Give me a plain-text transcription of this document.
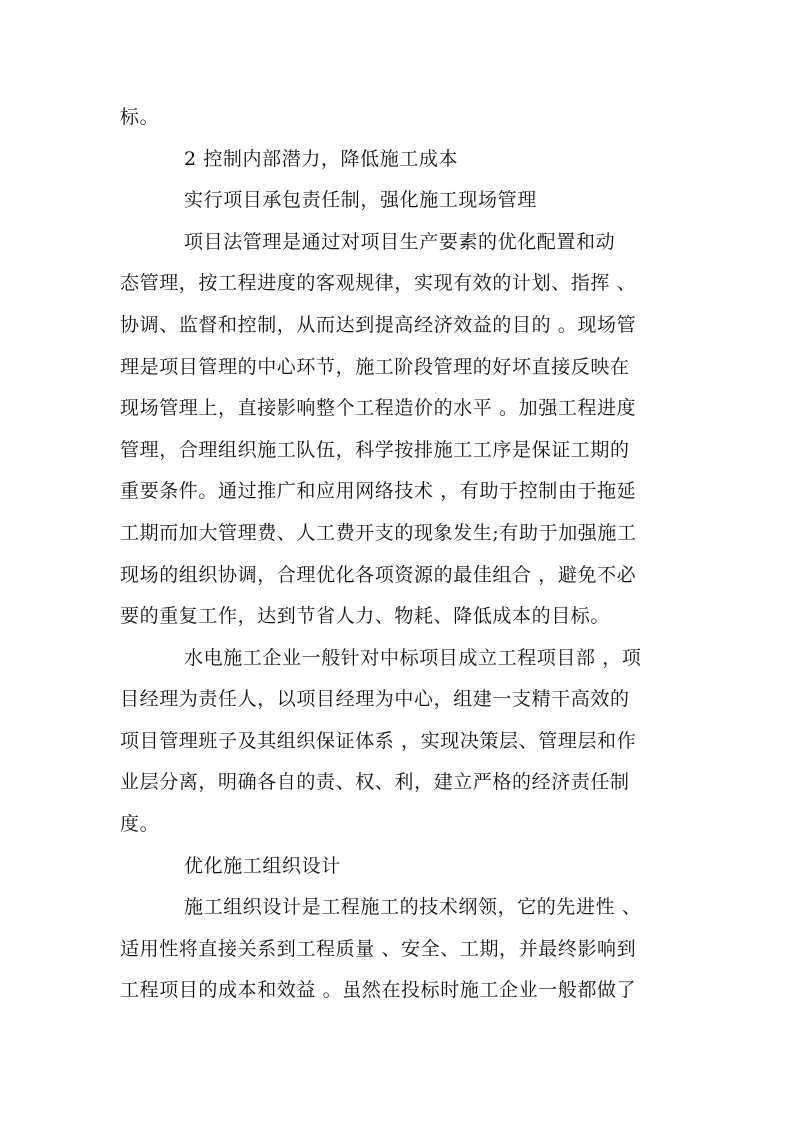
标。
2 控制内部潜力，降低施工成本
实行项目承包责任制，强化施工现场管理
项目法管理是通过对项目生产要素的优化配置和动
态管理，按工程进度的客观规律，实现有效的计划、指挥 、
协调、监督和控制，从而达到提高经济效益的目的 。现场管
理是项目管理的中心环节，施工阶段管理的好坏直接反映在
现场管理上，直接影响整个工程造价的水平 。加强工程进度
管理，合理组织施工队伍，科学按排施工工序是保证工期的
重要条件。通过推广和应用网络技术 ，有助于控制由于拖延
工期而加大管理费、人工费开支的现象发生;有助于加强施工
现场的组织协调，合理优化各项资源的最佳组合 ，避免不必
要的重复工作，达到节省人力、物耗、降低成本的目标。
水电施工企业一般针对中标项目成立工程项目部 ，项
目经理为责任人，以项目经理为中心，组建一支精干高效的
项目管理班子及其组织保证体系 ，实现决策层、管理层和作
业层分离，明确各自的责、权、利，建立严格的经济责任制
度。
优化施工组织设计
施工组织设计是工程施工的技术纲领，它的先进性 、
适用性将直接关系到工程质量 、安全、工期，并最终影响到
工程项目的成本和效益 。虽然在投标时施工企业一般都做了
